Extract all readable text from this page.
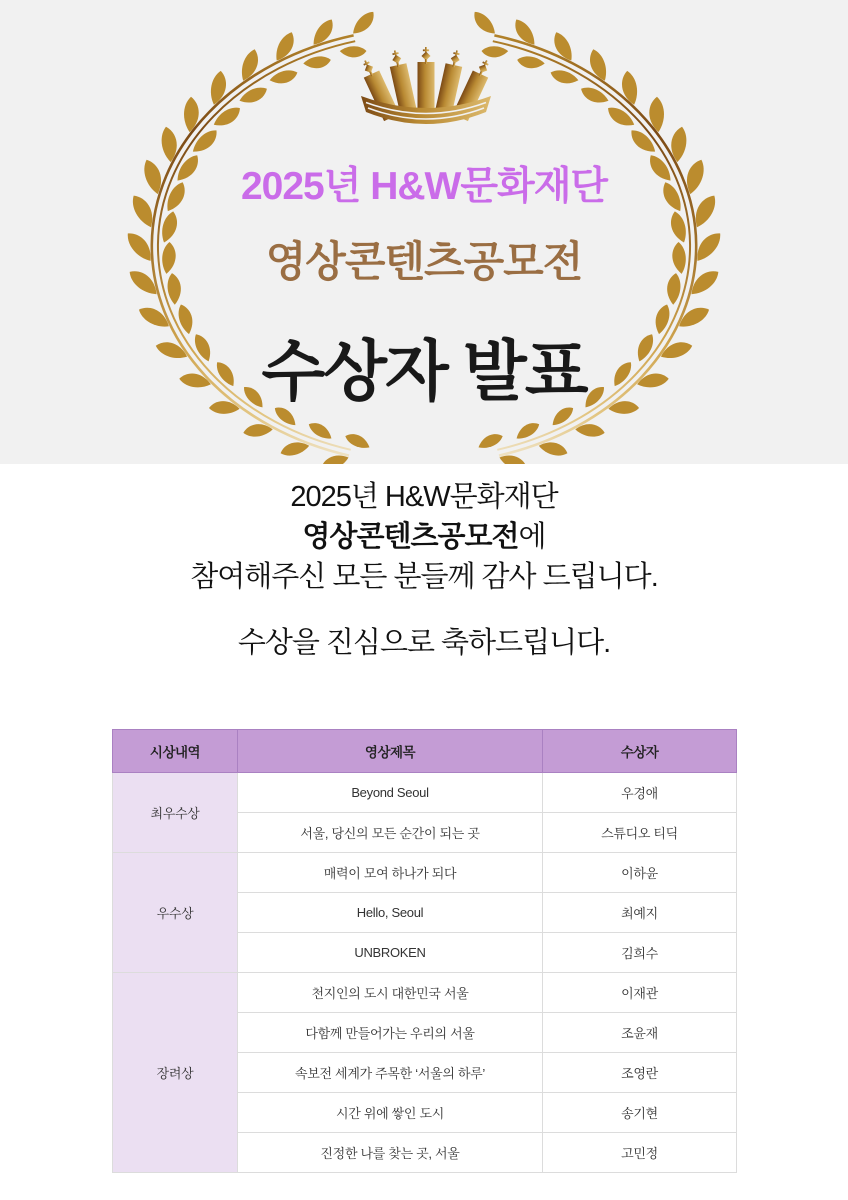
2025년 H&W문화재단
영상콘텐츠공모전
수상자 발표
2025년 H&W문화재단
영상콘텐츠공모전에
참여해주신 모든 분들께 감사 드립니다.
수상을 진심으로 축하드립니다.
시상내역	영상제목	수상자
최우수상	Beyond Seoul	우경애
	서울, 당신의 모든 순간이 되는 곳	스튜디오 티딕
우수상	매력이 모여 하나가 되다	이하윤
	Hello, Seoul	최예지
	UNBROKEN	김희수
장려상	천지인의 도시 대한민국 서울	이재관
	다함께 만들어가는 우리의 서울	조윤재
	속보전 세계가 주목한 ‘서울의 하루’	조영란
	시간 위에 쌓인 도시	송기현
	진정한 나를 찾는 곳, 서울	고민정
